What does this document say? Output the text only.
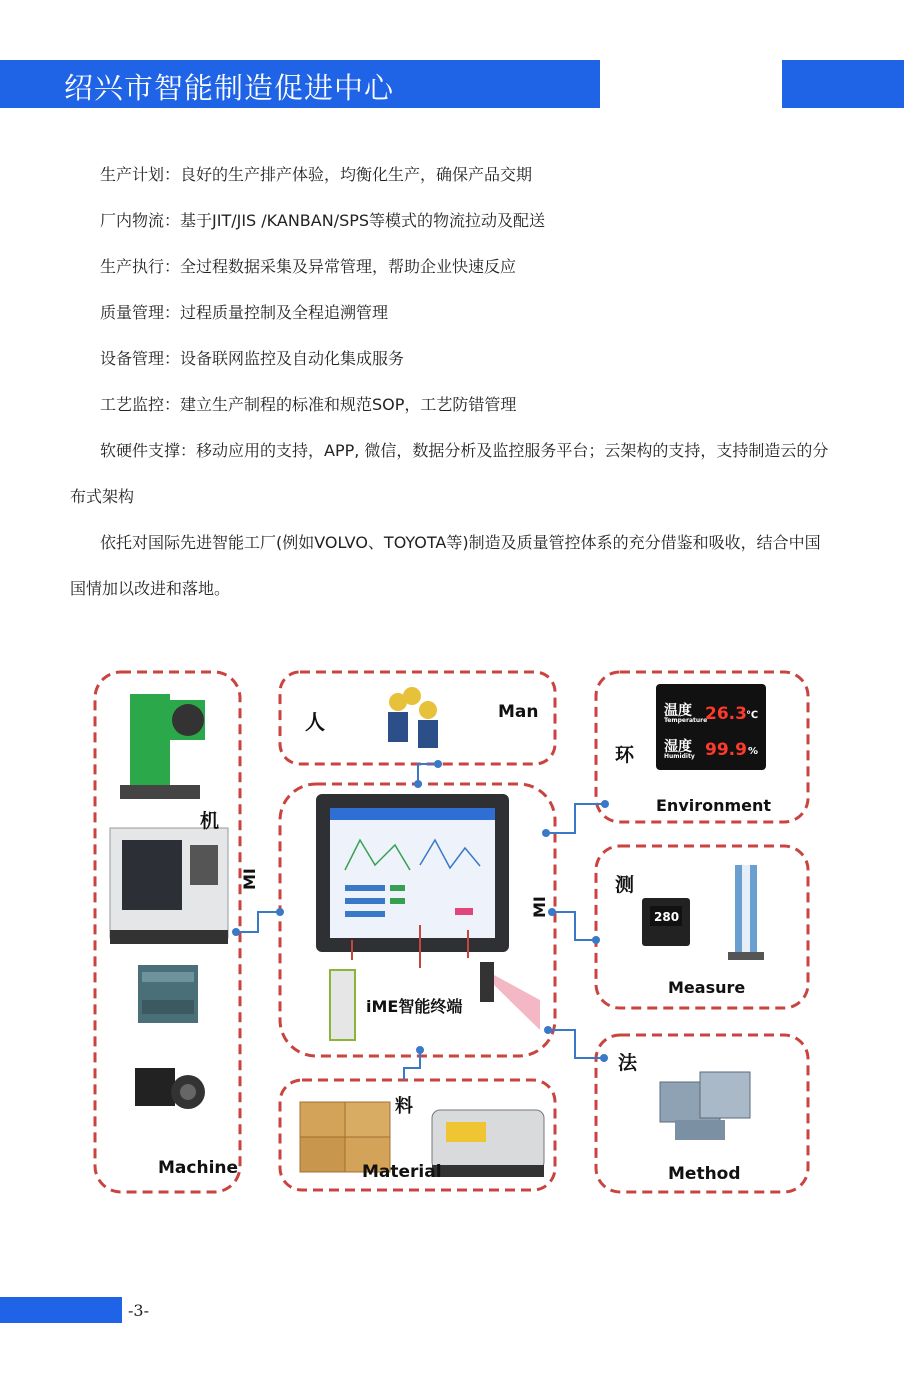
绍兴市智能制造促进中心
生产计划：良好的生产排产体验，均衡化生产，确保产品交期
厂内物流：基于JIT/JIS /KANBAN/SPS等模式的物流拉动及配送
生产执行：全过程数据采集及异常管理，帮助企业快速反应
质量管理：过程质量控制及全程追溯管理
设备管理：设备联网监控及自动化集成服务
工艺监控：建立生产制程的标准和规范SOP，工艺防错管理
软硬件支撑：移动应用的支持，APP, 微信，数据分析及监控服务平台；云架构的支持，支持制造云的分
布式架构
依托对国际先进智能工厂(例如VOLVO、TOYOTA等)制造及质量管控体系的充分借鉴和吸收，结合中国
国情加以改进和落地。
人	Man
机
Machine
环
Environment
测
Measure
法
Method
料
Material
iME智能终端
MI
MI
温度
Temperature
26.3 ℃
湿度
Humidity 99.9 %
280
-3-
